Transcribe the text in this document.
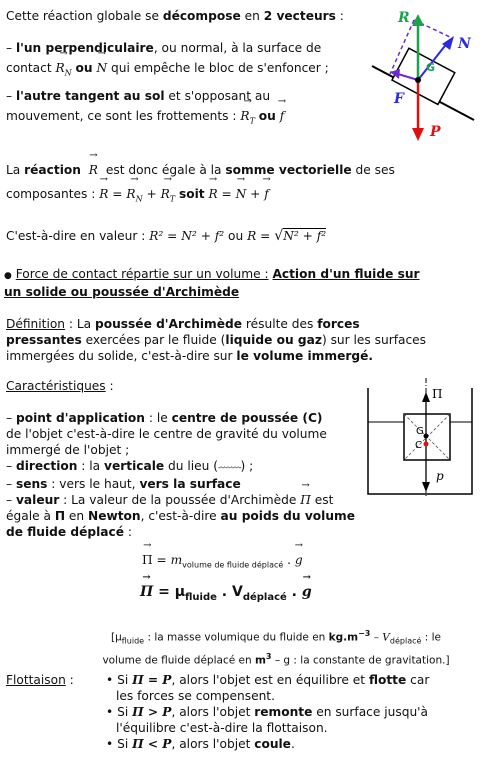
Cette réaction globale se décompose en 2 vecteurs :
– l'un perpendiculaire, ou normal, à la surface de
contact → $R_N$ ou → N qui empêche le bloc de s'enfoncer ;
– l'autre tangent au sol et s'opposant au
mouvement, ce sont les frottements : → $R_T$ ou → f
G
R
N
F
P
La réaction → R est donc égale à la somme vectorielle de ses
composantes : → R = → $R_N$ + → $R_T$ soit → R = → N + → f
C'est-à-dire en valeur : R² = N² + f² ou R = √N² + f²
● Force de contact répartie sur un volume : Action d'un fluide sur
un solide ou poussée d'Archimède
Définition : La poussée d'Archimède résulte des forces
pressantes exercées par le fluide (liquide ou gaz) sur les surfaces
immergées du solide, c'est-à-dire sur le volume immergé.
Caractéristiques :
– point d'application : le centre de poussée (C)
de l'objet c'est-à-dire le centre de gravité du volume
immergé de l'objet ;
– direction : la verticale du lieu (-·-·-·-·-·-·-) ;
– sens : vers le haut, vers la surface
– valeur : La valeur de la poussée d'Archimède → Π est
égale à Π en Newton, c'est-à-dire au poids du volume
de fluide déplacé :
G
C
Π
p
→ $\Pi = m_{volume de fluide déplacé}$ . → g
→ $\Pi = \mu_{fluide}$ . $V_{déplacé}$ . → g
[$\mu_{fluide}$ : la masse volumique du fluide en $kg.m^{-3} - V_{déplacé}$ : le
volume de fluide déplacé en $m^3$ – g : la constante de gravitation.]
Flottaison :	• Si Π = P, alors l'objet est en équilibre et flotte car
les forces se compensent.
• Si Π > P, alors l'objet remonte en surface jusqu'à
l'équilibre c'est-à-dire la flottaison.
• Si Π < P, alors l'objet coule.
